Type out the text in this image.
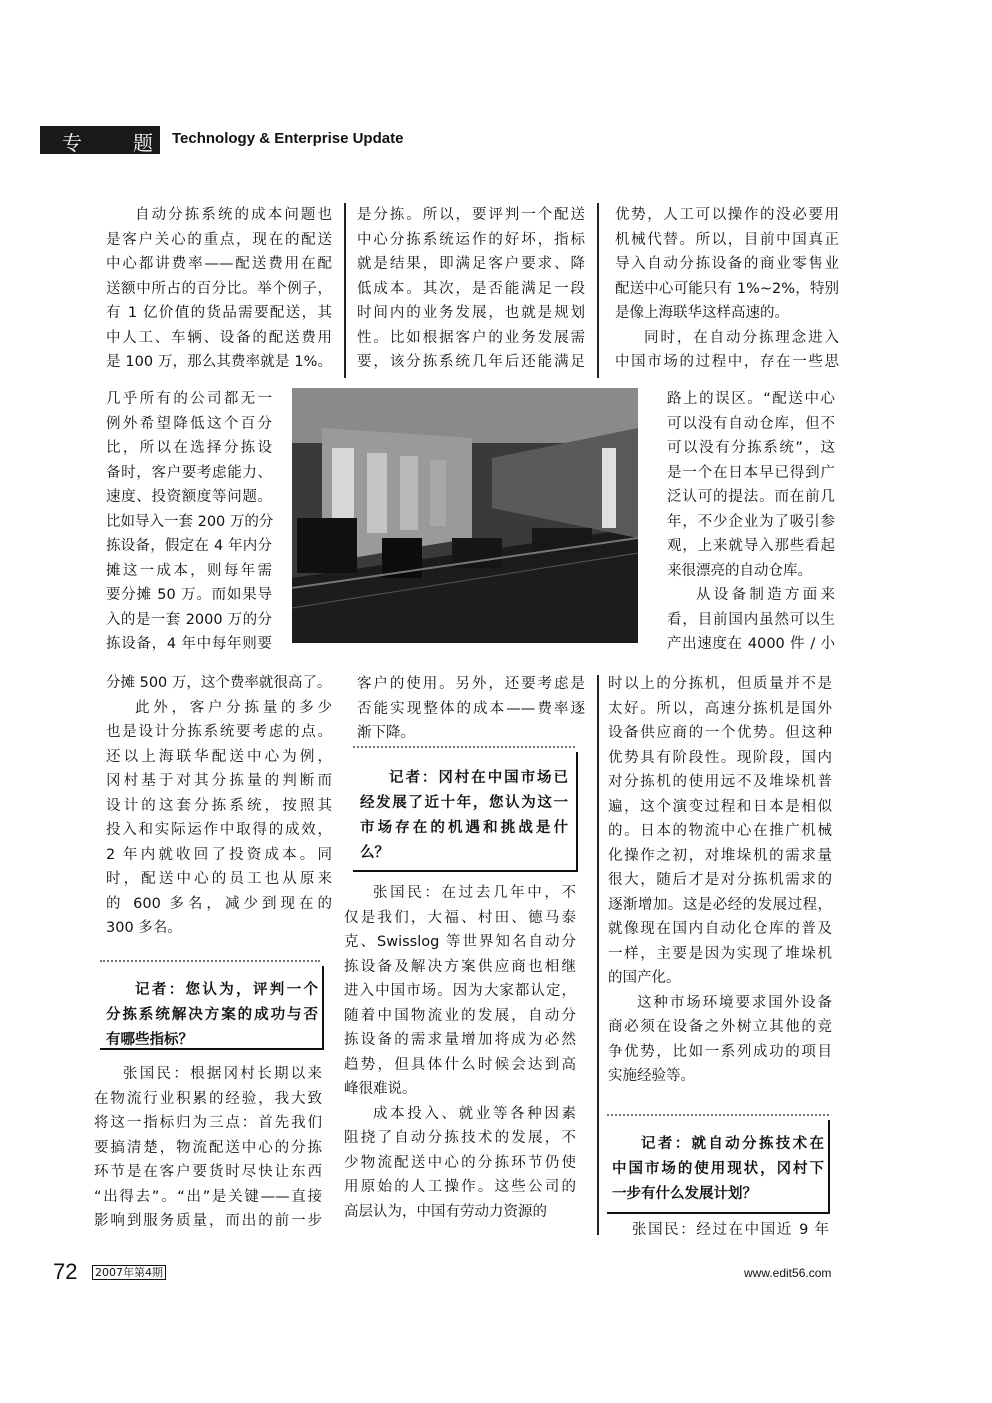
专	题 Technology & Enterprise Update
自动分拣系统的成本问题也
是客户关心的重点，现在的配送
中心都讲费率——配送费用在配
送额中所占的百分比。举个例子，
有 1 亿价值的货品需要配送，其
中人工、车辆、设备的配送费用
是 100 万，那么其费率就是 1%。
几乎所有的公司都无一
例外希望降低这个百分
比，所以在选择分拣设
备时，客户要考虑能力、
速度、投资额度等问题。
比如导入一套 200 万的分
拣设备，假定在 4 年内分
摊这一成本，则每年需
要分摊 50 万。而如果导
入的是一套 2000 万的分
拣设备，4 年中每年则要
分摊 500 万，这个费率就很高了。
此外，客户分拣量的多少
也是设计分拣系统要考虑的点。
还以上海联华配送中心为例，
冈村基于对其分拣量的判断而
设计的这套分拣系统，按照其
投入和实际运作中取得的成效，
2 年内就收回了投资成本。同
时，配送中心的员工也从原来
的 600 多名，减少到现在的
300 多名。
记者：您认为，评判一个
分拣系统解决方案的成功与否
有哪些指标？
张国民：根据冈村长期以来
在物流行业积累的经验，我大致
将这一指标归为三点：首先我们
要搞清楚，物流配送中心的分拣
环节是在客户要货时尽快让东西
“出得去”。“出”是关键——直接
影响到服务质量，而出的前一步
是分拣。所以，要评判一个配送
中心分拣系统运作的好坏，指标
就是结果，即满足客户要求、降
低成本。其次，是否能满足一段
时间内的业务发展，也就是规划
性。比如根据客户的业务发展需
要，该分拣系统几年后还能满足
客户的使用。另外，还要考虑是
否能实现整体的成本——费率逐
渐下降。
记者：冈村在中国市场已
经发展了近十年，您认为这一
市场存在的机遇和挑战是什
么？
张国民：在过去几年中，不
仅是我们，大福、村田、德马泰
克、Swisslog 等世界知名自动分
拣设备及解决方案供应商也相继
进入中国市场。因为大家都认定，
随着中国物流业的发展，自动分
拣设备的需求量增加将成为必然
趋势，但具体什么时候会达到高
峰很难说。
成本投入、就业等各种因素
阻挠了自动分拣技术的发展，不
少物流配送中心的分拣环节仍使
用原始的人工操作。这些公司的
高层认为，中国有劳动力资源的
优势，人工可以操作的没必要用
机械代替。所以，目前中国真正
导入自动分拣设备的商业零售业
配送中心可能只有 1%~2%，特别
是像上海联华这样高速的。
同时，在自动分拣理念进入
中国市场的过程中，存在一些思
路上的误区。“配送中心
可以没有自动仓库，但不
可以没有分拣系统”，这
是一个在日本早已得到广
泛认可的提法。而在前几
年，不少企业为了吸引参
观，上来就导入那些看起
来很漂亮的自动仓库。
从设备制造方面来
看，目前国内虽然可以生
产出速度在 4000 件 / 小
时以上的分拣机，但质量并不是
太好。所以，高速分拣机是国外
设备供应商的一个优势。但这种
优势具有阶段性。现阶段，国内
对分拣机的使用远不及堆垛机普
遍，这个演变过程和日本是相似
的。日本的物流中心在推广机械
化操作之初，对堆垛机的需求量
很大，随后才是对分拣机需求的
逐渐增加。这是必经的发展过程，
就像现在国内自动化仓库的普及
一样，主要是因为实现了堆垛机
的国产化。
这种市场环境要求国外设备
商必须在设备之外树立其他的竞
争优势，比如一系列成功的项目
实施经验等。
记者：就自动分拣技术在
中国市场的使用现状，冈村下
一步有什么发展计划？
张国民：经过在中国近 9 年
72 2007年第4期	www.edit56.com
